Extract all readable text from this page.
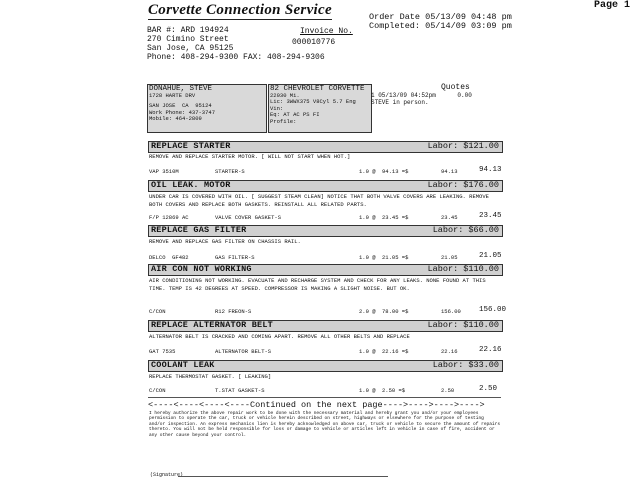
Corvette Connection Service	Page 1
Order Date 05/13/09 04:48 pm
Completed: 05/14/09 03:09 pm
BAR #: ARD 194924
270 Cimino Street
San Jose, CA 95125
Phone: 408-294-9300 FAX: 408-294-9306
Invoice No.
000010776
DONAHUE, STEVE
1728 HARTE DRV
SAN JOSE  CA  95124
Work Phone: 437-3747
Mobile: 464-2809
82 CHEVROLET CORVETTE
22030 Mi.
Lic: 3WWX375 V8Cyl 5.7 Eng
Vin:
Eq: AT AC PS FI
Profile:
Quotes
1 05/13/09 04:52pm      0.00
STEVE in person.
REPLACE STARTER	Labor: $121.00
REMOVE AND REPLACE STARTER MOTOR. [ WILL NOT START WHEN HOT.]
VAP 3510M	STARTER-S	1.0 @ 94.13 =$	94.13	94.13
OIL LEAK. MOTOR	Labor: $176.00
UNDER CAR IS COVERED WITH OIL. [ SUGGEST STEAM CLEAN] NOTICE THAT BOTH VALVE COVERS ARE LEAKING. REMOVE BOTH COVERS AND REPLACE BOTH GASKETS. REINSTALL ALL RELATED PARTS.
F/P 12869 AC	VALVE COVER GASKET-S	1.0 @ 23.45 =$	23.45	23.45
REPLACE GAS FILTER	Labor: $66.00
REMOVE AND REPLACE GAS FILTER ON CHASSIS RAIL.
DELCO  GF482	GAS FILTER-S	1.0 @ 21.05 =$	21.05	21.05
AIR CON NOT WORKING	Labor: $110.00
AIR CONDITIONING NOT WORKING. EVACUATE AND RECHARGE SYSTEM AND CHECK FOR ANY LEAKS. NONE FOUND AT THIS TIME. TEMP IS 42 DEGREES AT SPEED. COMPRESSOR IS MAKING A SLIGHT NOISE. BUT OK.
C/CON	R12 FREON-S	2.0 @ 78.00 =$	156.00 156.00
REPLACE ALTERNATOR BELT	Labor: $110.00
ALTERNATOR BELT IS CRACKED AND COMING APART. REMOVE ALL OTHER BELTS AND REPLACE
GAT 7535	ALTERNATOR BELT-S	1.0 @ 22.16 =$	22.16	22.16
COOLANT LEAK	Labor: $33.00
REPLACE THERMOSTAT GASKET. [ LEAKING]
C/CON	T.STAT GASKET-S	1.0 @ 2.50 =$	2.50	2.50
<----<----<----<----Continued on the next page---->---->---->---->
I hereby authorize the above repair work to be done with the necessary material and hereby grant you and/or your employees permission to operate the car, truck or vehicle herein described on street, highways or elsewhere for the purpose of testing and/or inspection. An express mechanics lien is hereby acknowledged on above car, truck or vehicle to secure the amount of repairs thereto. You will not be held responsible for loss or damage to vehicle or articles left in vehicle in case of fire, accident or any other cause beyond your control.
(Signature)
